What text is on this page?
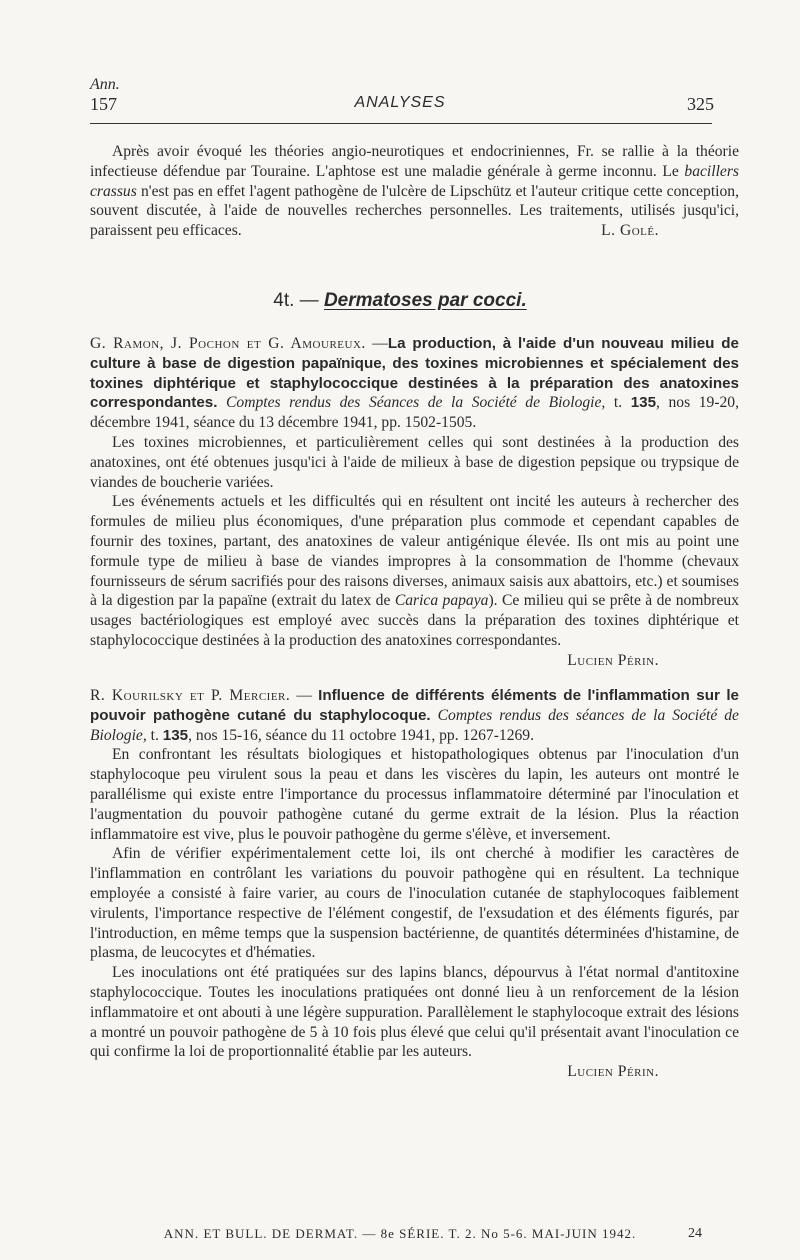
Ann.
157	ANALYSES	325

Après avoir évoqué les théories angio-neurotiques et endocriniennes, Fr. se rallie à la théorie infectieuse défendue par Touraine. L'aphtose est une maladie générale à germe inconnu. Le bacillers crassus n'est pas en effet l'agent pathogène de l'ulcère de Lipschütz et l'auteur critique cette conception, souvent discutée, à l'aide de nouvelles recherches personnelles. Les traitements, utilisés jusqu'ici, paraissent peu efficaces.	L. Golé.

4t. — Dermatoses par cocci.

G. Ramon, J. Pochon et G. Amoureux. —La production, à l'aide d'un nouveau milieu de culture à base de digestion papaïnique, des toxines microbiennes et spécialement des toxines diphtérique et staphylococcique destinées à la préparation des anatoxines correspondantes. Comptes rendus des Séances de la Société de Biologie, t. 135, nos 19-20, décembre 1941, séance du 13 décembre 1941, pp. 1502-1505.

Les toxines microbiennes, et particulièrement celles qui sont destinées à la production des anatoxines, ont été obtenues jusqu'ici à l'aide de milieux à base de digestion pepsique ou trypsique de viandes de boucherie variées.

Les événements actuels et les difficultés qui en résultent ont incité les auteurs à rechercher des formules de milieu plus économiques, d'une préparation plus commode et cependant capables de fournir des toxines, partant, des anatoxines de valeur antigénique élevée. Ils ont mis au point une formule type de milieu à base de viandes impropres à la consommation de l'homme (chevaux fournisseurs de sérum sacrifiés pour des raisons diverses, animaux saisis aux abattoirs, etc.) et soumises à la digestion par la papaïne (extrait du latex de Carica papaya). Ce milieu qui se prête à de nombreux usages bactériologiques est employé avec succès dans la préparation des toxines diphtérique et staphylococcique destinées à la production des anatoxines correspondantes.
Lucien Périn.

R. Kourilsky et P. Mercier. — Influence de différents éléments de l'inflammation sur le pouvoir pathogène cutané du staphylocoque. Comptes rendus des séances de la Société de Biologie, t. 135, nos 15-16, séance du 11 octobre 1941, pp. 1267-1269.

En confrontant les résultats biologiques et histopathologiques obtenus par l'inoculation d'un staphylocoque peu virulent sous la peau et dans les viscères du lapin, les auteurs ont montré le parallélisme qui existe entre l'importance du processus inflammatoire déterminé par l'inoculation et l'augmentation du pouvoir pathogène cutané du germe extrait de la lésion. Plus la réaction inflammatoire est vive, plus le pouvoir pathogène du germe s'élève, et inversement.

Afin de vérifier expérimentalement cette loi, ils ont cherché à modifier les caractères de l'inflammation en contrôlant les variations du pouvoir pathogène qui en résultent. La technique employée a consisté à faire varier, au cours de l'inoculation cutanée de staphylocoques faiblement virulents, l'importance respective de l'élément congestif, de l'exsudation et des éléments figurés, par l'introduction, en même temps que la suspension bactérienne, de quantités déterminées d'histamine, de plasma, de leucocytes et d'hématies.

Les inoculations ont été pratiquées sur des lapins blancs, dépourvus à l'état normal d'antitoxine staphylococcique. Toutes les inoculations pratiquées ont donné lieu à un renforcement de la lésion inflammatoire et ont abouti à une légère suppuration. Parallèlement le staphylocoque extrait des lésions a montré un pouvoir pathogène de 5 à 10 fois plus élevé que celui qu'il présentait avant l'inoculation ce qui confirme la loi de proportionnalité établie par les auteurs.

Lucien Périn.

ANN. ET BULL. DE DERMAT. — 8e SÉRIE. T. 2. No 5-6. MAI-JUIN 1942.	24
